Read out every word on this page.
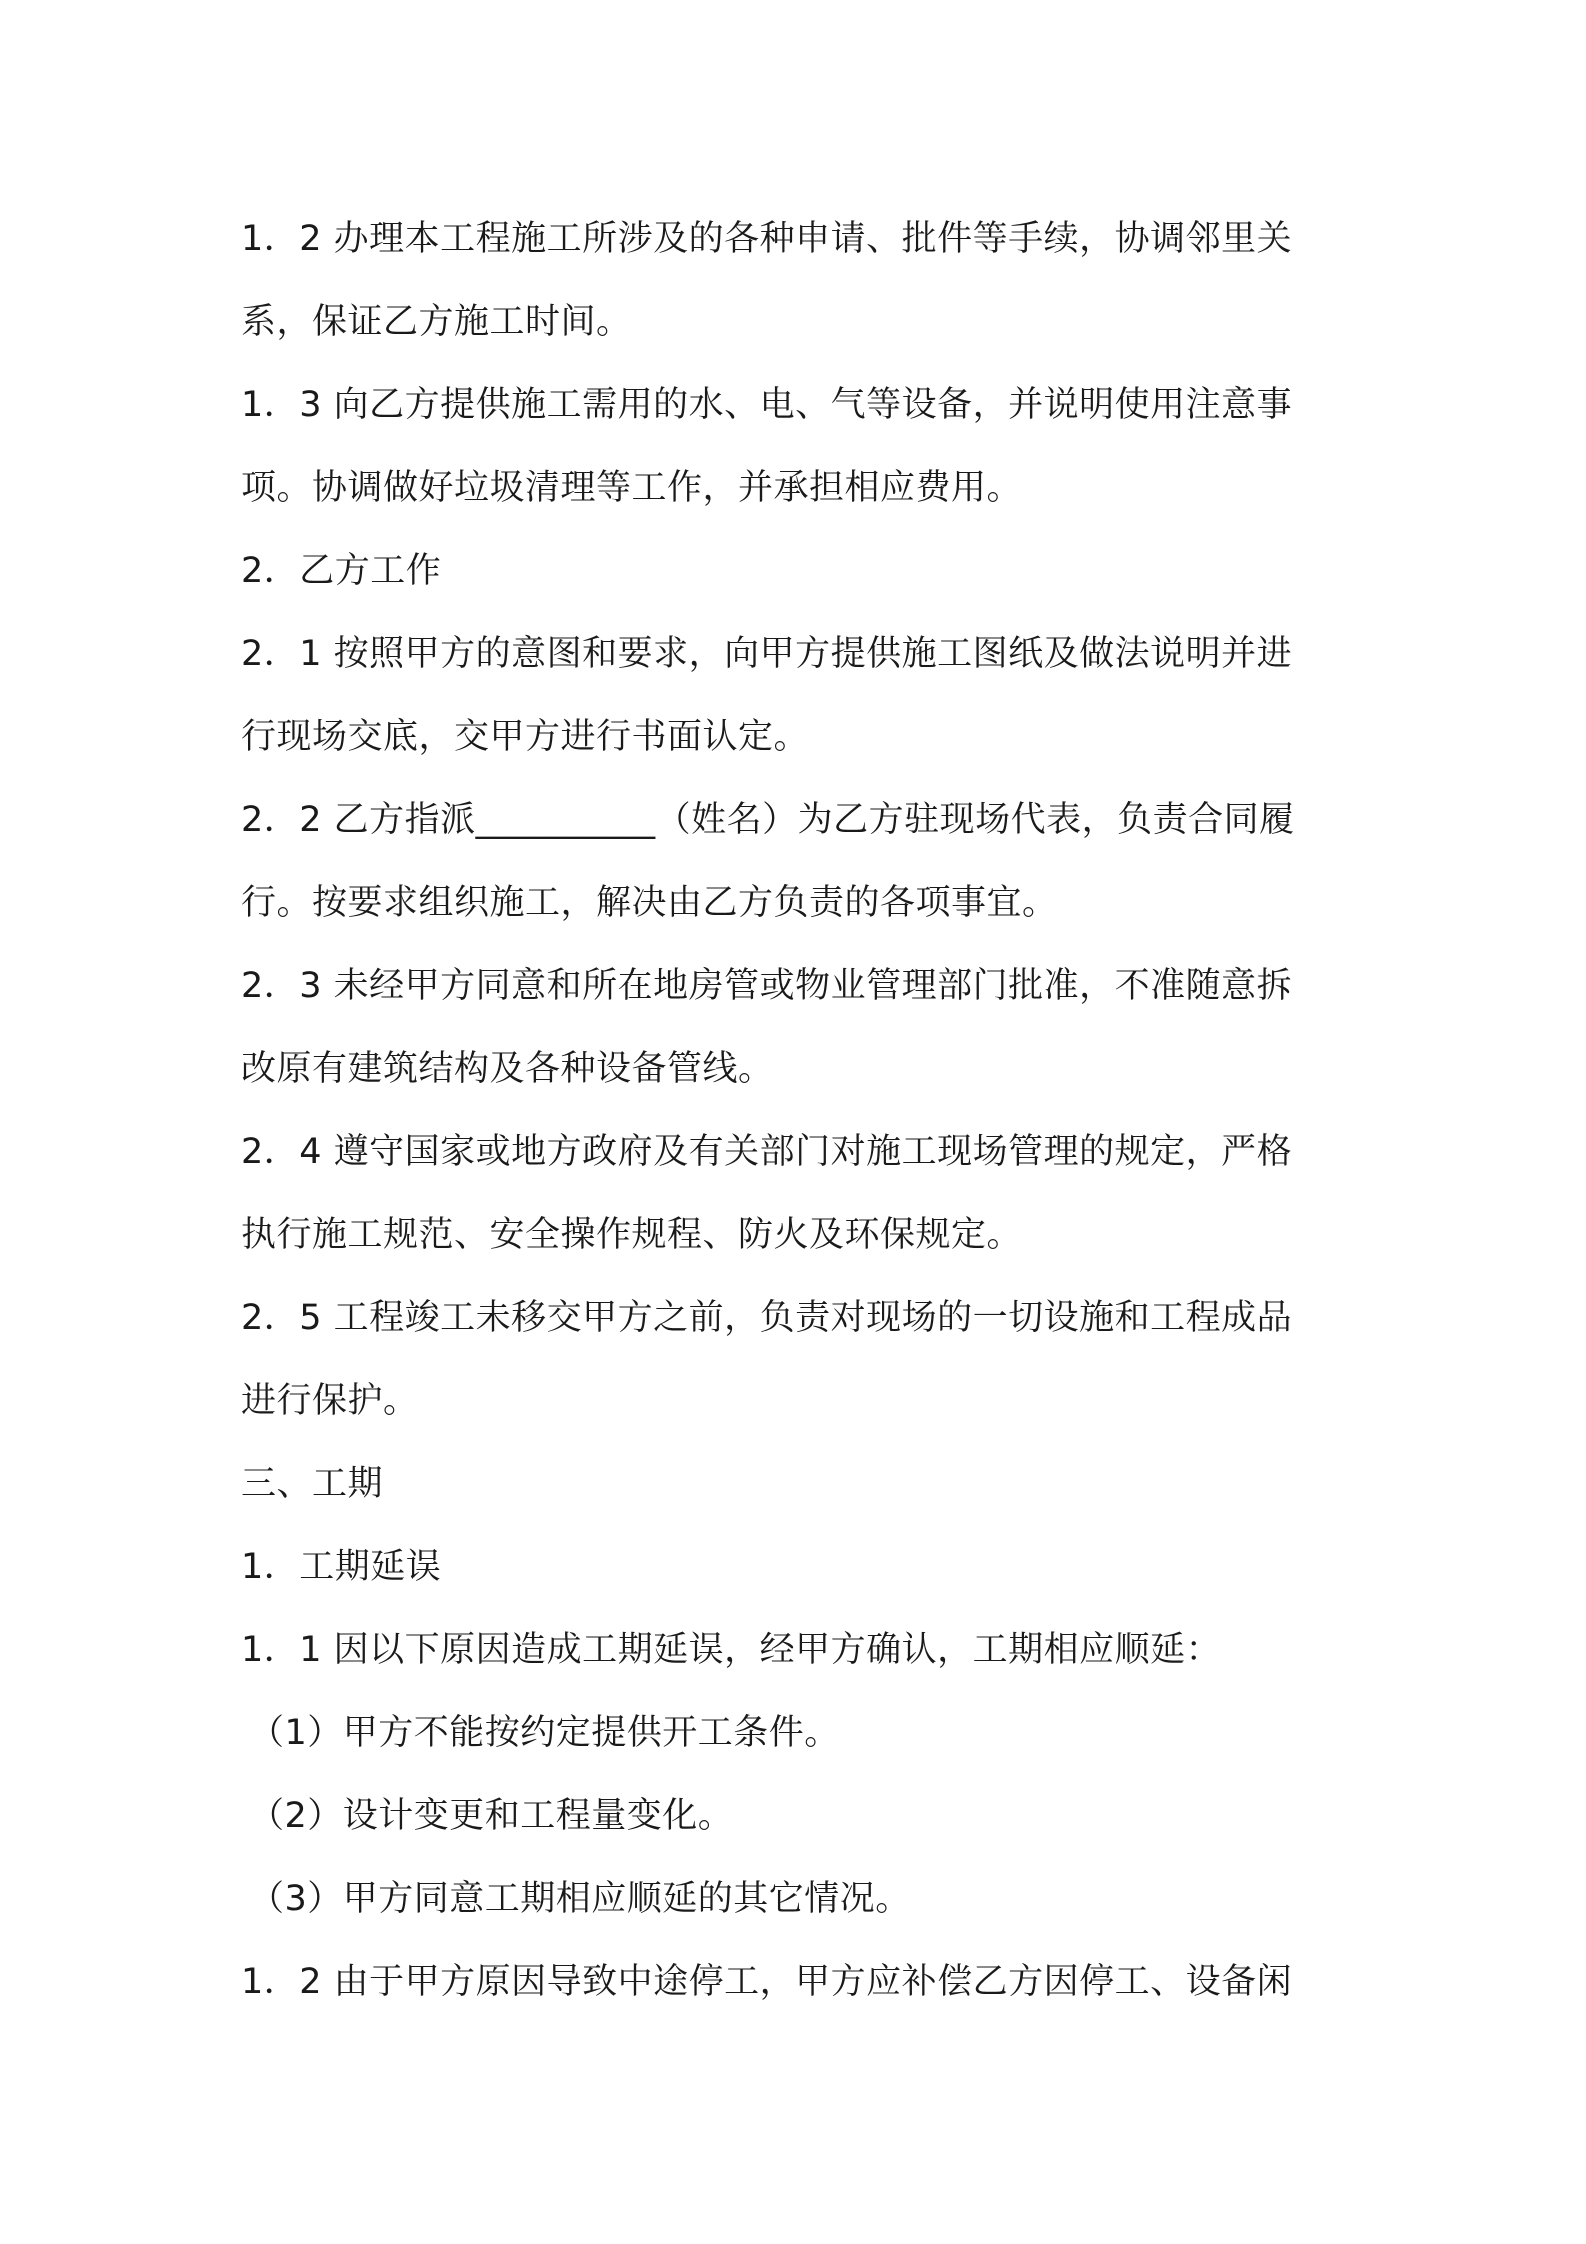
1．2 办理本工程施工所涉及的各种申请、批件等手续，协调邻里关

系，保证乙方施工时间。

1．3 向乙方提供施工需用的水、电、气等设备，并说明使用注意事

项。协调做好垃圾清理等工作，并承担相应费用。

2．乙方工作

2．1 按照甲方的意图和要求，向甲方提供施工图纸及做法说明并进

行现场交底，交甲方进行书面认定。

2．2 乙方指派__________（姓名）为乙方驻现场代表，负责合同履

行。按要求组织施工，解决由乙方负责的各项事宜。

2．3 未经甲方同意和所在地房管或物业管理部门批准，不准随意拆

改原有建筑结构及各种设备管线。

2．4 遵守国家或地方政府及有关部门对施工现场管理的规定，严格

执行施工规范、安全操作规程、防火及环保规定。

2．5 工程竣工未移交甲方之前，负责对现场的一切设施和工程成品

进行保护。

三、工期

1．工期延误

1．1 因以下原因造成工期延误，经甲方确认，工期相应顺延：

（1）甲方不能按约定提供开工条件。

（2）设计变更和工程量变化。

（3）甲方同意工期相应顺延的其它情况。

1．2 由于甲方原因导致中途停工，甲方应补偿乙方因停工、设备闲
